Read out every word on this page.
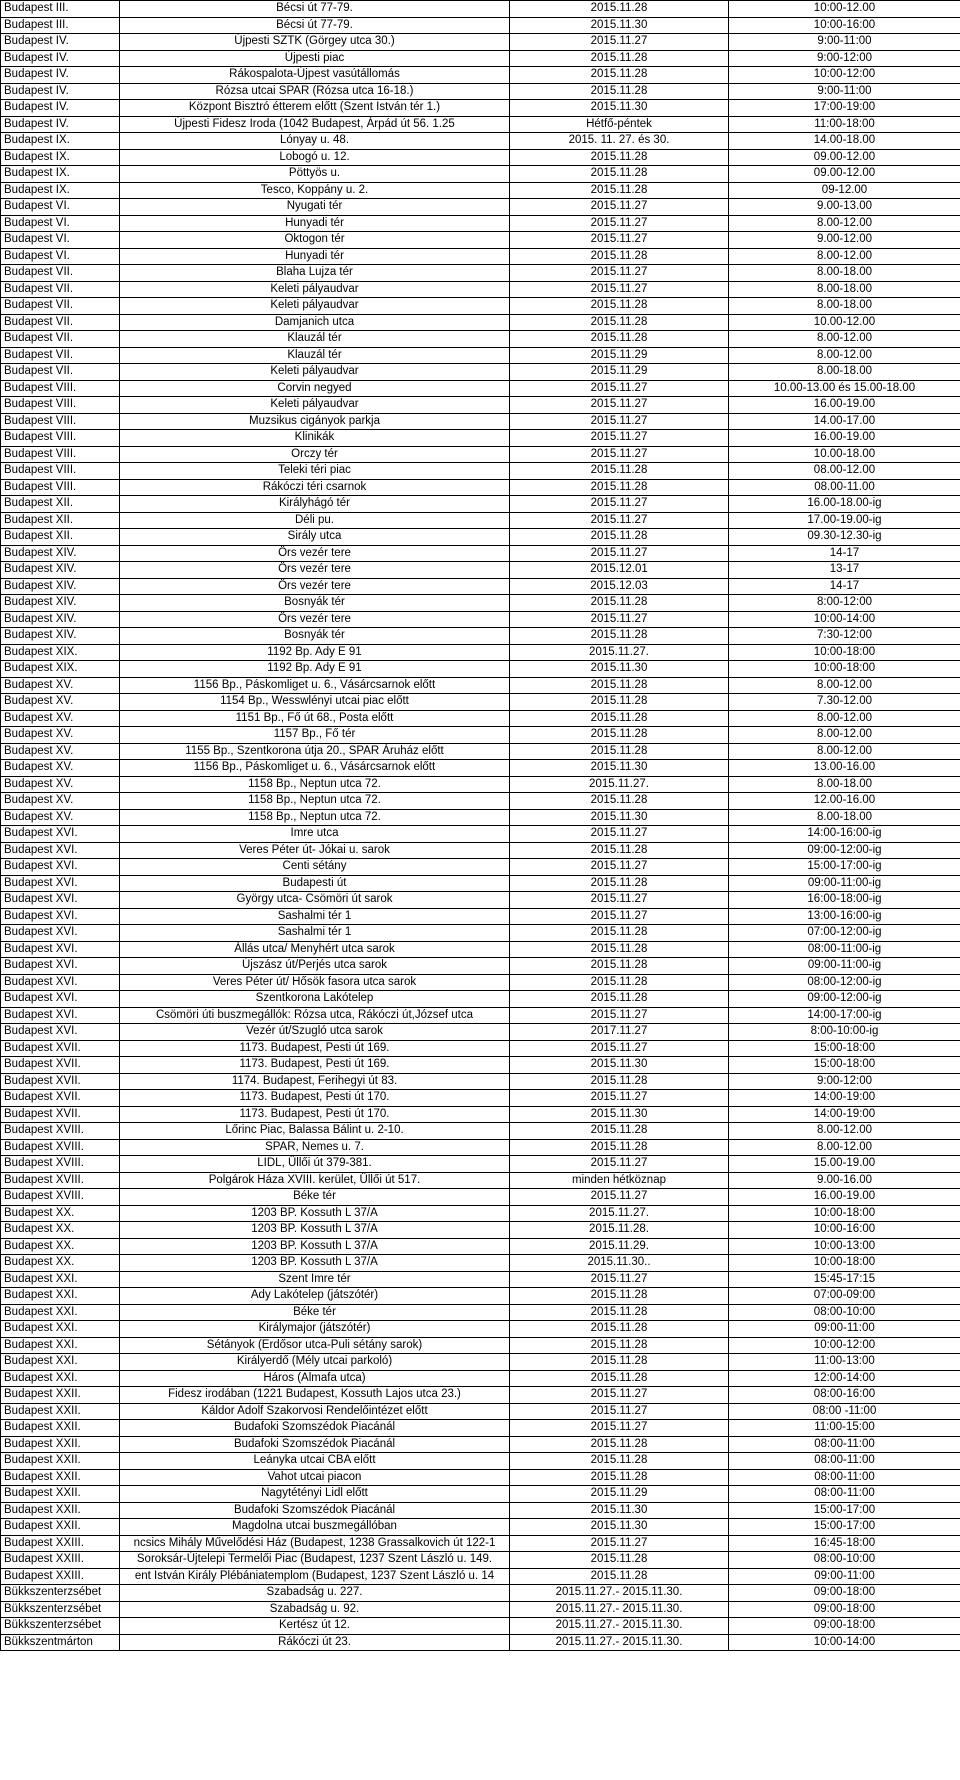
Budapest III.	Bécsi út 77-79.	2015.11.28	10:00-12.00
Budapest III.	Bécsi út 77-79.	2015.11.30	10:00-16:00
Budapest IV.	Újpesti SZTK (Görgey utca 30.)	2015.11.27	9:00-11:00
Budapest IV.	Újpesti piac	2015.11.28	9:00-12:00
Budapest IV.	Rákospalota-Újpest vasútállomás	2015.11.28	10:00-12:00
Budapest IV.	Rózsa utcai SPAR (Rózsa utca 16-18.)	2015.11.28	9:00-11:00
Budapest IV.	Központ Bisztró étterem előtt (Szent István tér 1.)	2015.11.30	17:00-19:00
Budapest IV.	Újpesti Fidesz Iroda (1042 Budapest, Árpád út 56. 1.25	Hétfő-péntek	11:00-18:00
Budapest IX.	Lónyay u. 48.	2015. 11. 27. és 30.	14.00-18.00
Budapest IX.	Lobogó u. 12.	2015.11.28	09.00-12.00
Budapest IX.	Pöttyös u.	2015.11.28	09.00-12.00
Budapest IX.	Tesco, Koppány u. 2.	2015.11.28	09-12.00
Budapest VI.	Nyugati tér	2015.11.27	9.00-13.00
Budapest VI.	Hunyadi tér	2015.11.27	8.00-12.00
Budapest VI.	Oktogon tér	2015.11.27	9.00-12.00
Budapest VI.	Hunyadi tér	2015.11.28	8.00-12.00
Budapest VII.	Blaha Lujza tér	2015.11.27	8.00-18.00
Budapest VII.	Keleti pályaudvar	2015.11.27	8.00-18.00
Budapest VII.	Keleti pályaudvar	2015.11.28	8.00-18.00
Budapest VII.	Damjanich utca	2015.11.28	10.00-12.00
Budapest VII.	Klauzál tér	2015.11.28	8.00-12.00
Budapest VII.	Klauzál tér	2015.11.29	8.00-12.00
Budapest VII.	Keleti pályaudvar	2015.11.29	8.00-18.00
Budapest VIII.	Corvin negyed	2015.11.27	10.00-13.00 és 15.00-18.00
Budapest VIII.	Keleti pályaudvar	2015.11.27	16.00-19.00
Budapest VIII.	Muzsikus cigányok parkja	2015.11.27	14.00-17.00
Budapest VIII.	Klinikák	2015.11.27	16.00-19.00
Budapest VIII.	Orczy tér	2015.11.27	10.00-18.00
Budapest VIII.	Teleki téri piac	2015.11.28	08.00-12.00
Budapest VIII.	Rákóczi téri csarnok	2015.11.28	08.00-11.00
Budapest XII.	Királyhágó tér	2015.11.27	16.00-18.00-ig
Budapest XII.	Déli pu.	2015.11.27	17.00-19.00-ig
Budapest XII.	Sirály utca	2015.11.28	09.30-12.30-ig
Budapest XIV.	Örs vezér tere	2015.11.27	14-17
Budapest XIV.	Örs vezér tere	2015.12.01	13-17
Budapest XIV.	Örs vezér tere	2015.12.03	14-17
Budapest XIV.	Bosnyák tér	2015.11.28	8:00-12:00
Budapest XIV.	Örs vezér tere	2015.11.27	10:00-14:00
Budapest XIV.	Bosnyák tér	2015.11.28	7:30-12:00
Budapest XIX.	1192 Bp. Ady E 91	2015.11.27.	10:00-18:00
Budapest XIX.	1192 Bp. Ady E 91	2015.11.30	10:00-18:00
Budapest XV.	1156 Bp., Páskomliget u. 6., Vásárcsarnok előtt	2015.11.28	8.00-12.00
Budapest XV.	1154 Bp., Wesswlényi utcai piac előtt	2015.11.28	7.30-12.00
Budapest XV.	1151 Bp., Fő út 68., Posta előtt	2015.11.28	8.00-12.00
Budapest XV.	1157 Bp., Fő tér	2015.11.28	8.00-12.00
Budapest XV.	1155 Bp., Szentkorona útja 20., SPAR Áruház előtt	2015.11.28	8.00-12.00
Budapest XV.	1156 Bp., Páskomliget u. 6., Vásárcsarnok előtt	2015.11.30	13.00-16.00
Budapest XV.	1158 Bp., Neptun utca 72.	2015.11.27.	8.00-18.00
Budapest XV.	1158 Bp., Neptun utca 72.	2015.11.28	12.00-16.00
Budapest XV.	1158 Bp., Neptun utca 72.	2015.11.30	8.00-18.00
Budapest XVI.	Imre utca	2015.11.27	14:00-16:00-ig
Budapest XVI.	Veres Péter út- Jókai u. sarok	2015.11.28	09:00-12:00-ig
Budapest XVI.	Centi sétány	2015.11.27	15:00-17:00-ig
Budapest XVI.	Budapesti út	2015.11.28	09:00-11:00-ig
Budapest XVI.	György utca- Csömöri út sarok	2015.11.27	16:00-18:00-ig
Budapest XVI.	Sashalmi tér 1	2015.11.27	13:00-16:00-ig
Budapest XVI.	Sashalmi tér 1	2015.11.28	07:00-12:00-ig
Budapest XVI.	Állás utca/ Menyhért utca sarok	2015.11.28	08:00-11:00-ig
Budapest XVI.	Újszász út/Perjés utca sarok	2015.11.28	09:00-11:00-ig
Budapest XVI.	Veres Péter út/ Hősök fasora utca sarok	2015.11.28	08:00-12:00-ig
Budapest XVI.	Szentkorona Lakótelep	2015.11.28	09:00-12:00-ig
Budapest XVI.	Csömöri úti buszmegállók: Rózsa utca, Rákóczi út,József utca	2015.11.27	14:00-17:00-ig
Budapest XVI.	Vezér út/Szugló utca sarok	2017.11.27	8:00-10:00-ig
Budapest XVII.	1173. Budapest, Pesti út 169.	2015.11.27	15:00-18:00
Budapest XVII.	1173. Budapest, Pesti út 169.	2015.11.30	15:00-18:00
Budapest XVII.	1174. Budapest, Ferihegyi út 83.	2015.11.28	9:00-12:00
Budapest XVII.	1173. Budapest, Pesti út 170.	2015.11.27	14:00-19:00
Budapest XVII.	1173. Budapest, Pesti út 170.	2015.11.30	14:00-19:00
Budapest XVIII.	Lőrinc Piac, Balassa Bálint u. 2-10.	2015.11.28	8.00-12.00
Budapest XVIII.	SPAR, Nemes u. 7.	2015.11.28	8.00-12.00
Budapest XVIII.	LIDL, Üllői út 379-381.	2015.11.27	15.00-19.00
Budapest XVIII.	Polgárok Háza XVIII. kerület, Üllői út 517.	minden hétköznap	9.00-16.00
Budapest XVIII.	Béke tér	2015.11.27	16.00-19.00
Budapest XX.	1203 BP. Kossuth L 37/A	2015.11.27.	10:00-18:00
Budapest XX.	1203 BP. Kossuth L 37/A	2015.11.28.	10:00-16:00
Budapest XX.	1203 BP. Kossuth L 37/A	2015.11.29.	10:00-13:00
Budapest XX.	1203 BP. Kossuth L 37/A	2015.11.30..	10:00-18:00
Budapest XXI.	Szent Imre tér	2015.11.27	15:45-17:15
Budapest XXI.	Ady Lakótelep (játszótér)	2015.11.28	07:00-09:00
Budapest XXI.	Béke tér	2015.11.28	08:00-10:00
Budapest XXI.	Királymajor (játszótér)	2015.11.28	09:00-11:00
Budapest XXI.	Sétányok (Erdősor utca-Puli sétány sarok)	2015.11.28	10:00-12:00
Budapest XXI.	Királyerdő (Mély utcai parkoló)	2015.11.28	11:00-13:00
Budapest XXI.	Háros (Almafa utca)	2015.11.28	12:00-14:00
Budapest XXII.	Fidesz irodában (1221 Budapest, Kossuth Lajos utca 23.)	2015.11.27	08:00-16:00
Budapest XXII.	Káldor Adolf Szakorvosi Rendelőintézet előtt	2015.11.27	08:00 -11:00
Budapest XXII.	Budafoki Szomszédok Piacánál	2015.11.27	11:00-15:00
Budapest XXII.	Budafoki Szomszédok Piacánál	2015.11.28	08:00-11:00
Budapest XXII.	Leányka utcai CBA előtt	2015.11.28	08:00-11:00
Budapest XXII.	Vahot utcai piacon	2015.11.28	08:00-11:00
Budapest XXII.	Nagytétényi Lidl előtt	2015.11.29	08:00-11:00
Budapest XXII.	Budafoki Szomszédok Piacánál	2015.11.30	15:00-17:00
Budapest XXII.	Magdolna utcai buszmegállóban	2015.11.30	15:00-17:00
Budapest XXIII.	ncsics Mihály Művelődési Ház (Budapest, 1238 Grassalkovich út 122-1	2015.11.27	16:45-18:00
Budapest XXIII.	Soroksár-Újtelepi Termelői Piac (Budapest, 1237 Szent László u. 149.	2015.11.28	08:00-10:00
Budapest XXIII.	ent István Király Plébániatemplom (Budapest, 1237 Szent László u. 14	2015.11.28	09:00-11:00
Bükkszenterzsébet	Szabadság u. 227.	2015.11.27.- 2015.11.30.	09:00-18:00
Bükkszenterzsébet	Szabadság u. 92.	2015.11.27.- 2015.11.30.	09:00-18:00
Bükkszenterzsébet	Kertész út 12.	2015.11.27.- 2015.11.30.	09:00-18:00
Bükkszentmárton	Rákóczi út 23.	2015.11.27.- 2015.11.30.	10:00-14:00
